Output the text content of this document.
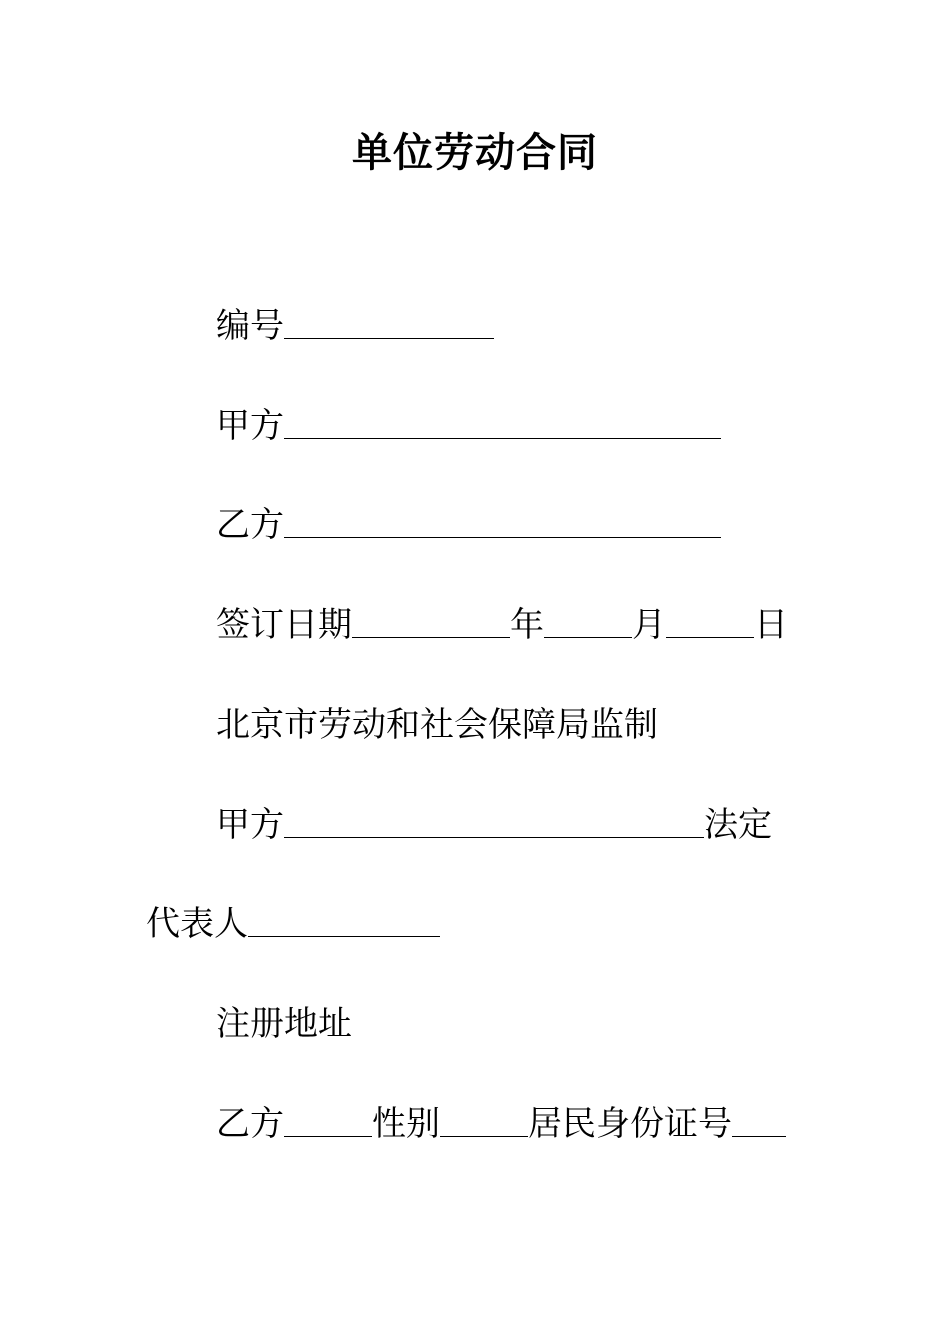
单位劳动合同
编号
甲方
乙方
签订日期	年	月	日
北京市劳动和社会保障局监制
甲方	法定
代表人
注册地址
乙方	性别	居民身份证号
